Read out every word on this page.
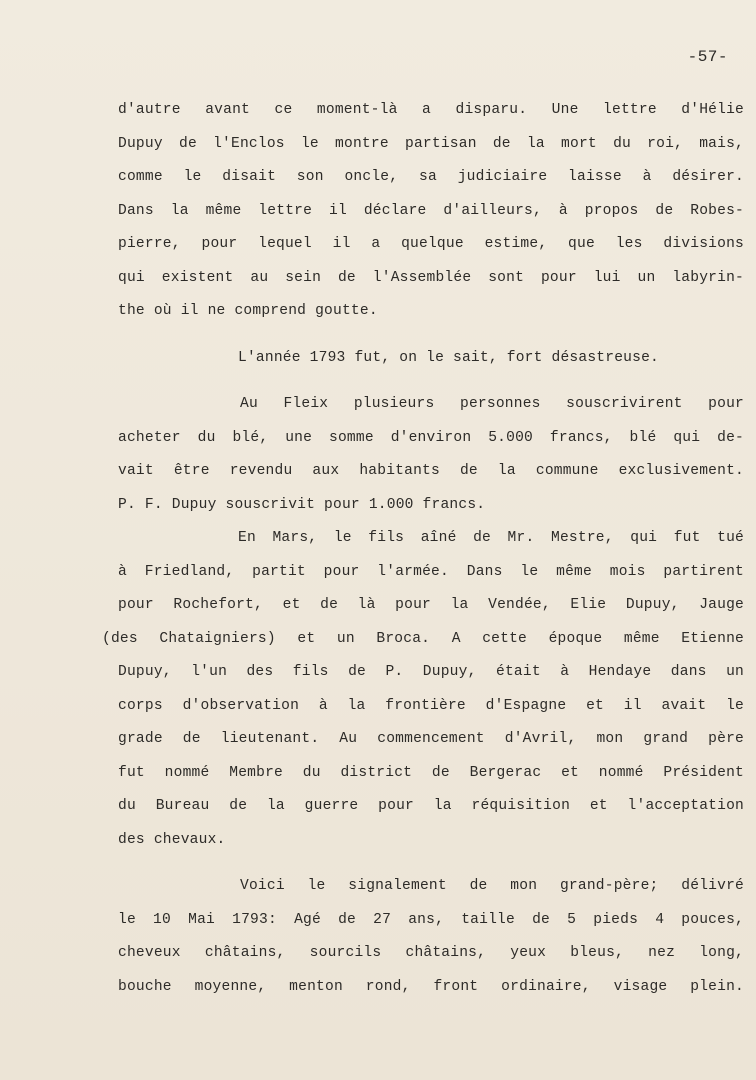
-57-
d'autre avant ce moment-là a disparu. Une lettre d'Hélie
Dupuy de l'Enclos le montre partisan de la mort du roi, mais,
comme le disait son oncle, sa judiciaire laisse à désirer.
Dans la même lettre il déclare d'ailleurs, à propos de Robes-
pierre, pour lequel il a quelque estime, que les divisions
qui existent au sein de l'Assemblée sont pour lui un labyrin-
the où il ne comprend goutte.
L'année 1793 fut, on le sait, fort désastreuse.
Au Fleix plusieurs personnes souscrivirent pour
acheter du blé, une somme d'environ 5.000 francs, blé qui de-
vait être revendu aux habitants de la commune exclusivement.
P. F. Dupuy souscrivit pour 1.000 francs.
En Mars, le fils aîné de Mr. Mestre, qui fut tué
à Friedland, partit pour l'armée. Dans le même mois partirent
pour Rochefort, et de là pour la Vendée, Elie Dupuy, Jauge
(des Chataigniers) et un Broca. A cette époque même Etienne
Dupuy, l'un des fils de P. Dupuy, était à Hendaye dans un
corps d'observation à la frontière d'Espagne et il avait le
grade de lieutenant. Au commencement d'Avril, mon grand père
fut nommé Membre du district de Bergerac et nommé Président
du Bureau de la guerre pour la réquisition et l'acceptation
des chevaux.
Voici le signalement de mon grand-père; délivré
le 10 Mai 1793: Agé de 27 ans, taille de 5 pieds 4 pouces,
cheveux châtains, sourcils châtains, yeux bleus, nez long,
bouche moyenne, menton rond, front ordinaire, visage plein.
